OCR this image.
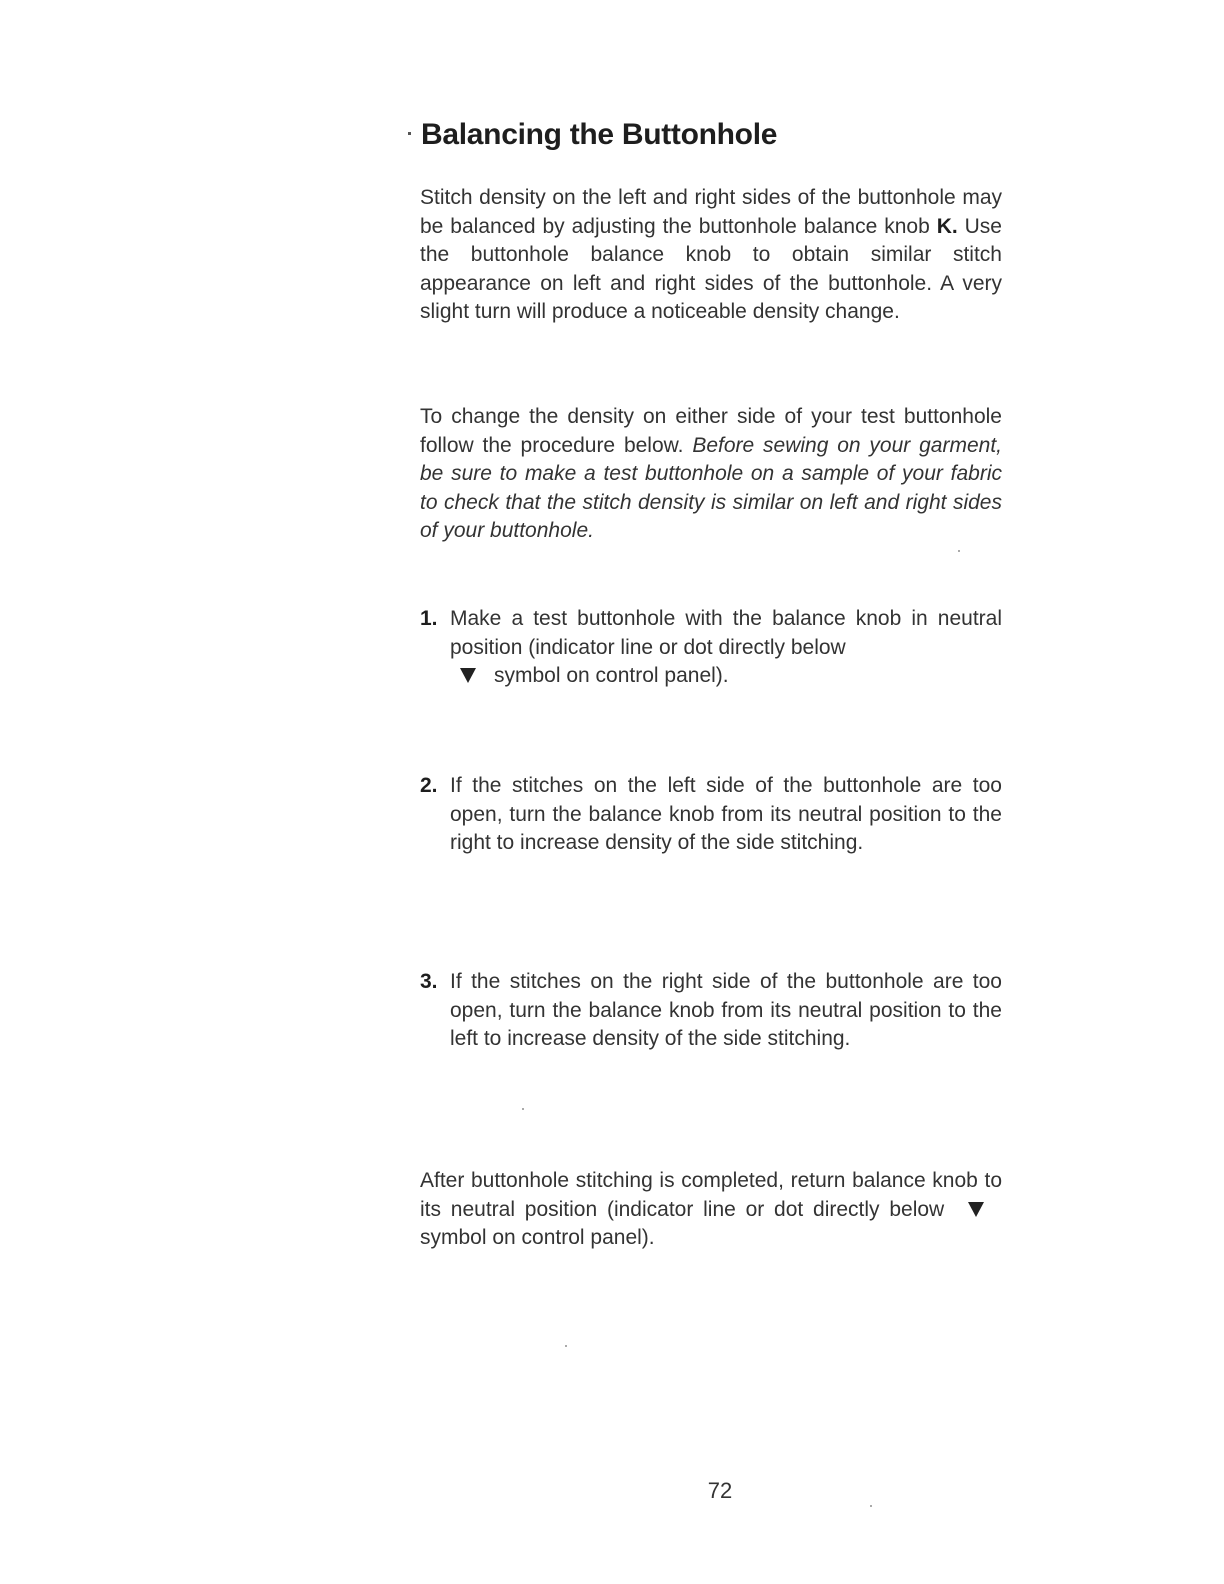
Balancing the Buttonhole

Stitch density on the left and right sides of the buttonhole may be balanced by adjusting the buttonhole balance knob K. Use the buttonhole balance knob to obtain similar stitch appearance on left and right sides of the buttonhole. A very slight turn will produce a noticeable density change.

To change the density on either side of your test buttonhole follow the procedure below. Before sewing on your garment, be sure to make a test buttonhole on a sample of your fabric to check that the stitch density is similar on left and right sides of your buttonhole.

1. Make a test buttonhole with the balance knob in neutral position (indicator line or dot directly below
symbol on control panel).
2. If the stitches on the left side of the buttonhole are too open, turn the balance knob from its neutral position to the right to increase density of the side stitching.
3. If the stitches on the right side of the buttonhole are too open, turn the balance knob from its neutral position to the left to increase density of the side stitching.

After buttonhole stitching is completed, return balance knob to its neutral position (indicator line or dot directly below symbol on control panel).

72
